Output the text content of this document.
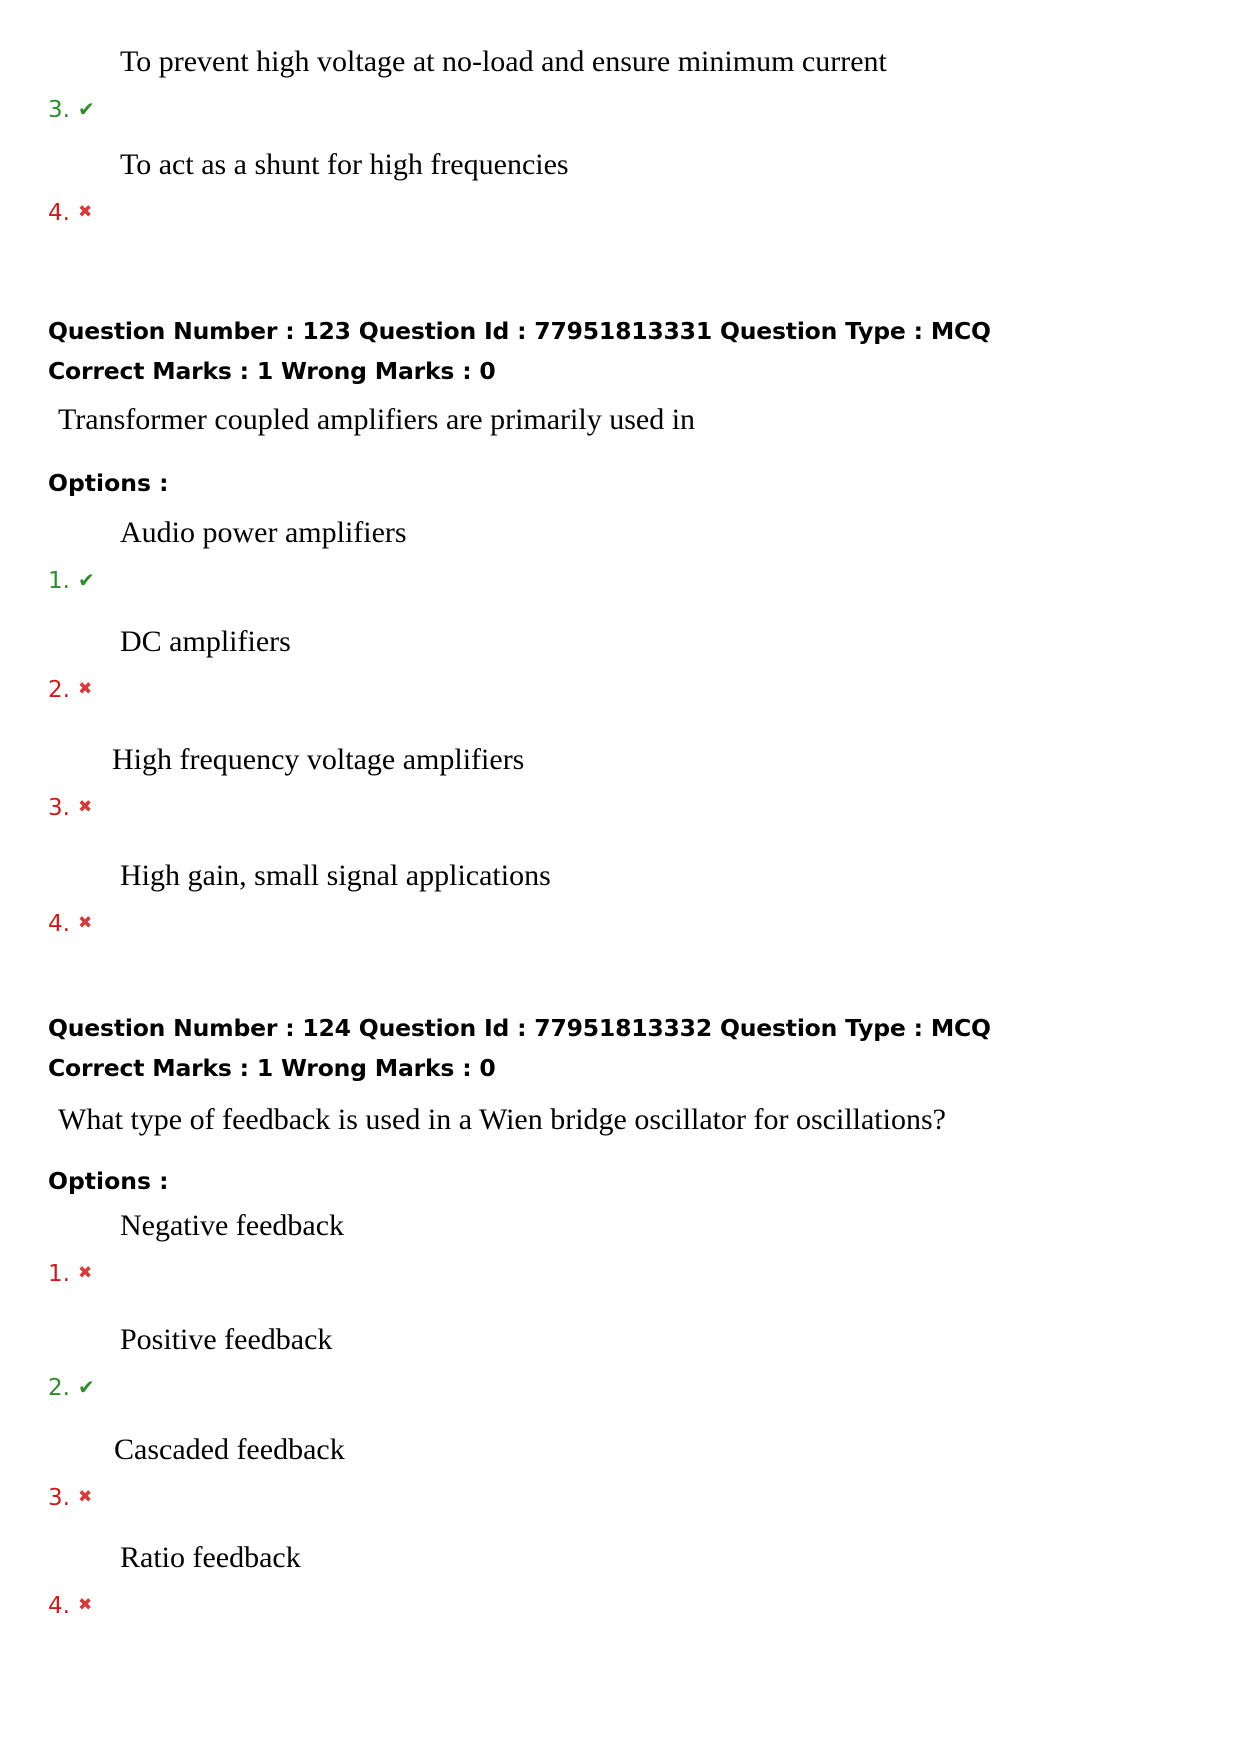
To prevent high voltage at no-load and ensure minimum current
3. ✔
To act as a shunt for high frequencies
4. ✖
Question Number : 123 Question Id : 77951813331 Question Type : MCQ
Correct Marks : 1 Wrong Marks : 0
Transformer coupled amplifiers are primarily used in
Options :
Audio power amplifiers
1. ✔
DC amplifiers
2. ✖
High frequency voltage amplifiers
3. ✖
High gain, small signal applications
4. ✖
Question Number : 124 Question Id : 77951813332 Question Type : MCQ
Correct Marks : 1 Wrong Marks : 0
What type of feedback is used in a Wien bridge oscillator for oscillations?
Options :
Negative feedback
1. ✖
Positive feedback
2. ✔
Cascaded feedback
3. ✖
Ratio feedback
4. ✖
